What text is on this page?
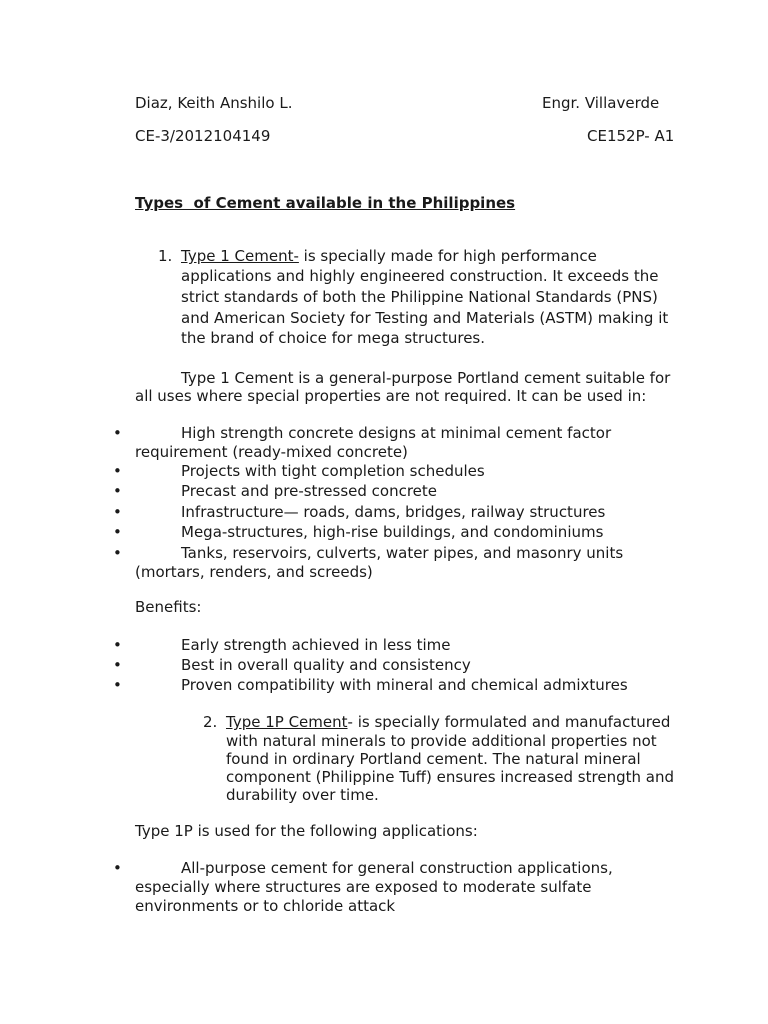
Diaz, Keith Anshilo L.	Engr. Villaverde
CE-3/2012104149	CE152P- A1
Types  of Cement available in the Philippines
1. Type 1 Cement- is specially made for high performance
applications and highly engineered construction. It exceeds the
strict standards of both the Philippine National Standards (PNS)
and American Society for Testing and Materials (ASTM) making it
the brand of choice for mega structures.
Type 1 Cement is a general-purpose Portland cement suitable for
all uses where special properties are not required. It can be used in:
•	High strength concrete designs at minimal cement factor
requirement (ready-mixed concrete)
•	Projects with tight completion schedules
•	Precast and pre-stressed concrete
•	Infrastructure— roads, dams, bridges, railway structures
•	Mega-structures, high-rise buildings, and condominiums
•	Tanks, reservoirs, culverts, water pipes, and masonry units
(mortars, renders, and screeds)
Benefits:
•	Early strength achieved in less time
•	Best in overall quality and consistency
•	Proven compatibility with mineral and chemical admixtures
2. Type 1P Cement- is specially formulated and manufactured
with natural minerals to provide additional properties not
found in ordinary Portland cement. The natural mineral
component (Philippine Tuff) ensures increased strength and
durability over time.
Type 1P is used for the following applications:
•	All-purpose cement for general construction applications,
especially where structures are exposed to moderate sulfate
environments or to chloride attack
